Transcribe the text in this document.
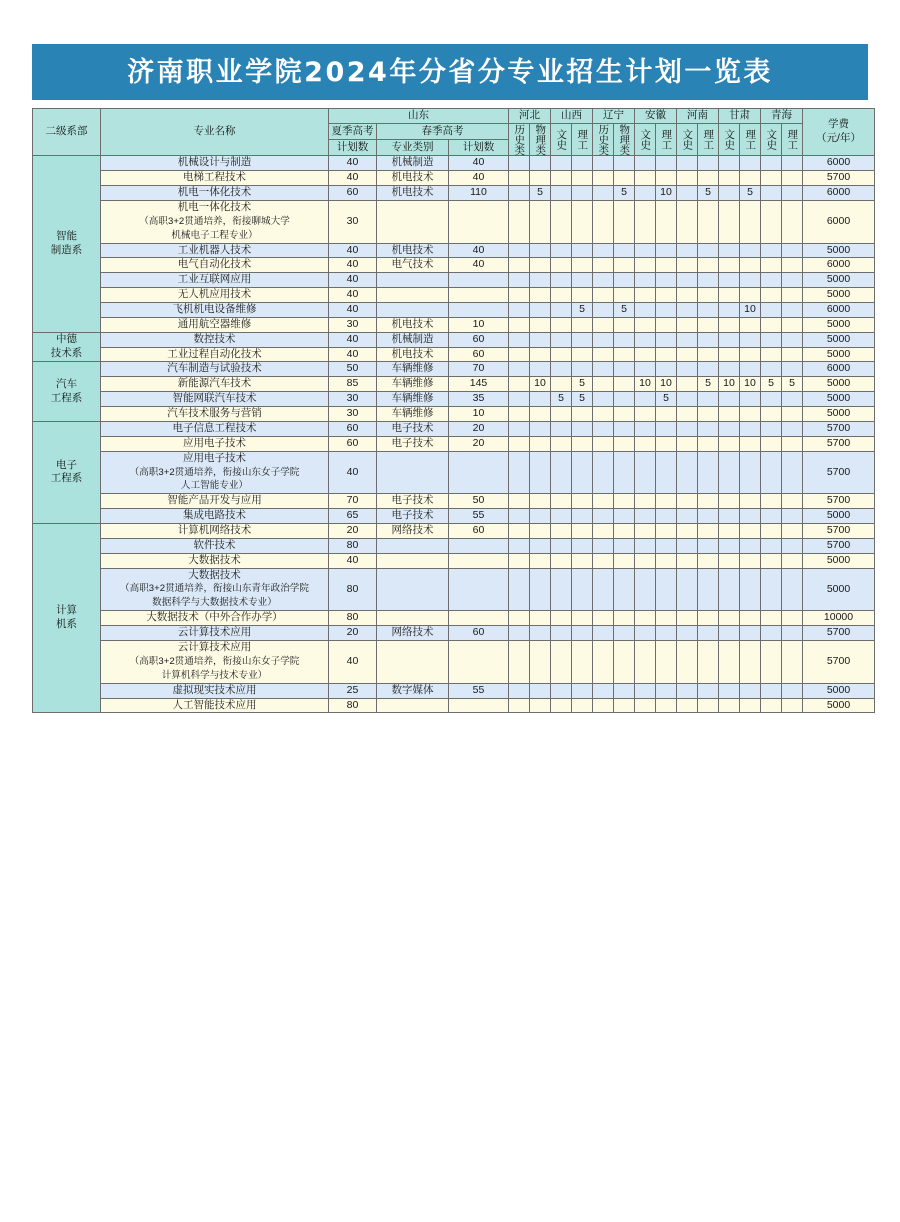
济南职业学院2024年分省分专业招生计划一览表
二级系部	专业名称	山东			河北		山西		辽宁		安徽		河南		甘肃		青海		学费
（元/年）
		夏季高考	春季高考		历史类	物理类	文史	理工	历史类	物理类	文史	理工	文史	理工	文史	理工	文史	理工	

		计划数	专业类别	计划数															
智能
制造系	机械设计与制造	40	机械制造	40															6000

	电梯工程技术	40	机电技术	40															5700

	机电一体化技术	60	机电技术	110		5				5		10		5		5			6000

	机电一体化技术
（高职3+2贯通培养，衔接聊城大学
机械电子工程专业）	30																	6000

	工业机器人技术	40	机电技术	40															5000

	电气自动化技术	40	电气技术	40															6000

	工业互联网应用	40																	5000

	无人机应用技术	40																	5000

	飞机机电设备维修	40						5		5						10			6000

	通用航空器维修	30	机电技术	10															5000
中德
技术系	数控技术	40	机械制造	60															5000

	工业过程自动化技术	40	机电技术	60															5000
汽车
工程系	汽车制造与试验技术	50	车辆维修	70															6000

	新能源汽车技术	85	车辆维修	145		10		5			10	10		5	10	10	5	5	5000

	智能网联汽车技术	30	车辆维修	35			5	5				5							5000

	汽车技术服务与营销	30	车辆维修	10															5000
电子
工程系	电子信息工程技术	60	电子技术	20															5700

	应用电子技术	60	电子技术	20															5700

	应用电子技术
（高职3+2贯通培养，衔接山东女子学院
人工智能专业）	40																	5700

	智能产品开发与应用	70	电子技术	50															5700

	集成电路技术	65	电子技术	55															5000
计算
机系	计算机网络技术	20	网络技术	60															5700

	软件技术	80																	5700

	大数据技术	40																	5000

	大数据技术
（高职3+2贯通培养，衔接山东青年政治学院
数据科学与大数据技术专业）	80																	5000

	大数据技术（中外合作办学）	80																	10000

	云计算技术应用	20	网络技术	60															5700

	云计算技术应用
（高职3+2贯通培养，衔接山东女子学院
计算机科学与技术专业）	40																	5700

	虚拟现实技术应用	25	数字媒体	55															5000

	人工智能技术应用	80																	5000
